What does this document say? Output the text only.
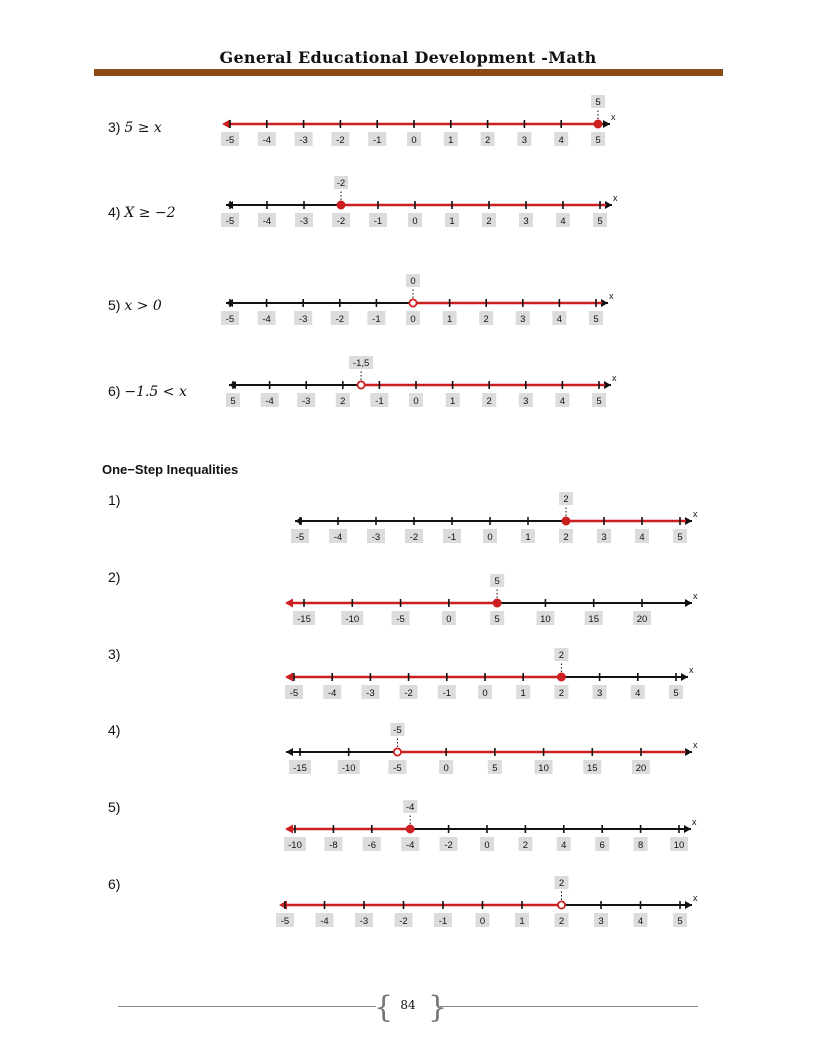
General Educational Development -Math
3) 5 ≥ 𝑥
4) 𝑋 ≥ −2
5) 𝑥 > 0
6) −1.5 < 𝑥
One−Step Inequalities
1)
2)
3)
4)
5)
6)
x
-5	-4	-3	-2	-1	0	1	2	3	4	5
5
x
-5	-4	-3	-2	-1	0	1	2	3	4	5
-2
x
-5	-4	-3	-2	-1	0	1	2	3	4	5
0
x
5	-4	-3	2	-1	0	1	2	3	4	5
-1,5
x
-5	-4	-3	-2	-1	0	1	2	3	4	5
2
x
-15	-10	-5	0	5	10	15	20
5
x
-5	-4	-3	-2	-1	0	1	2	3	4	5
2
x
-15	-10	-5	0	5	10	15	20
-5
x
-10	-8	-6	-4	-2	0	2	4	6	8	10
-4
x
-5	-4	-3	-2	-1	0	1	2	3	4	5
2
{ }
84
